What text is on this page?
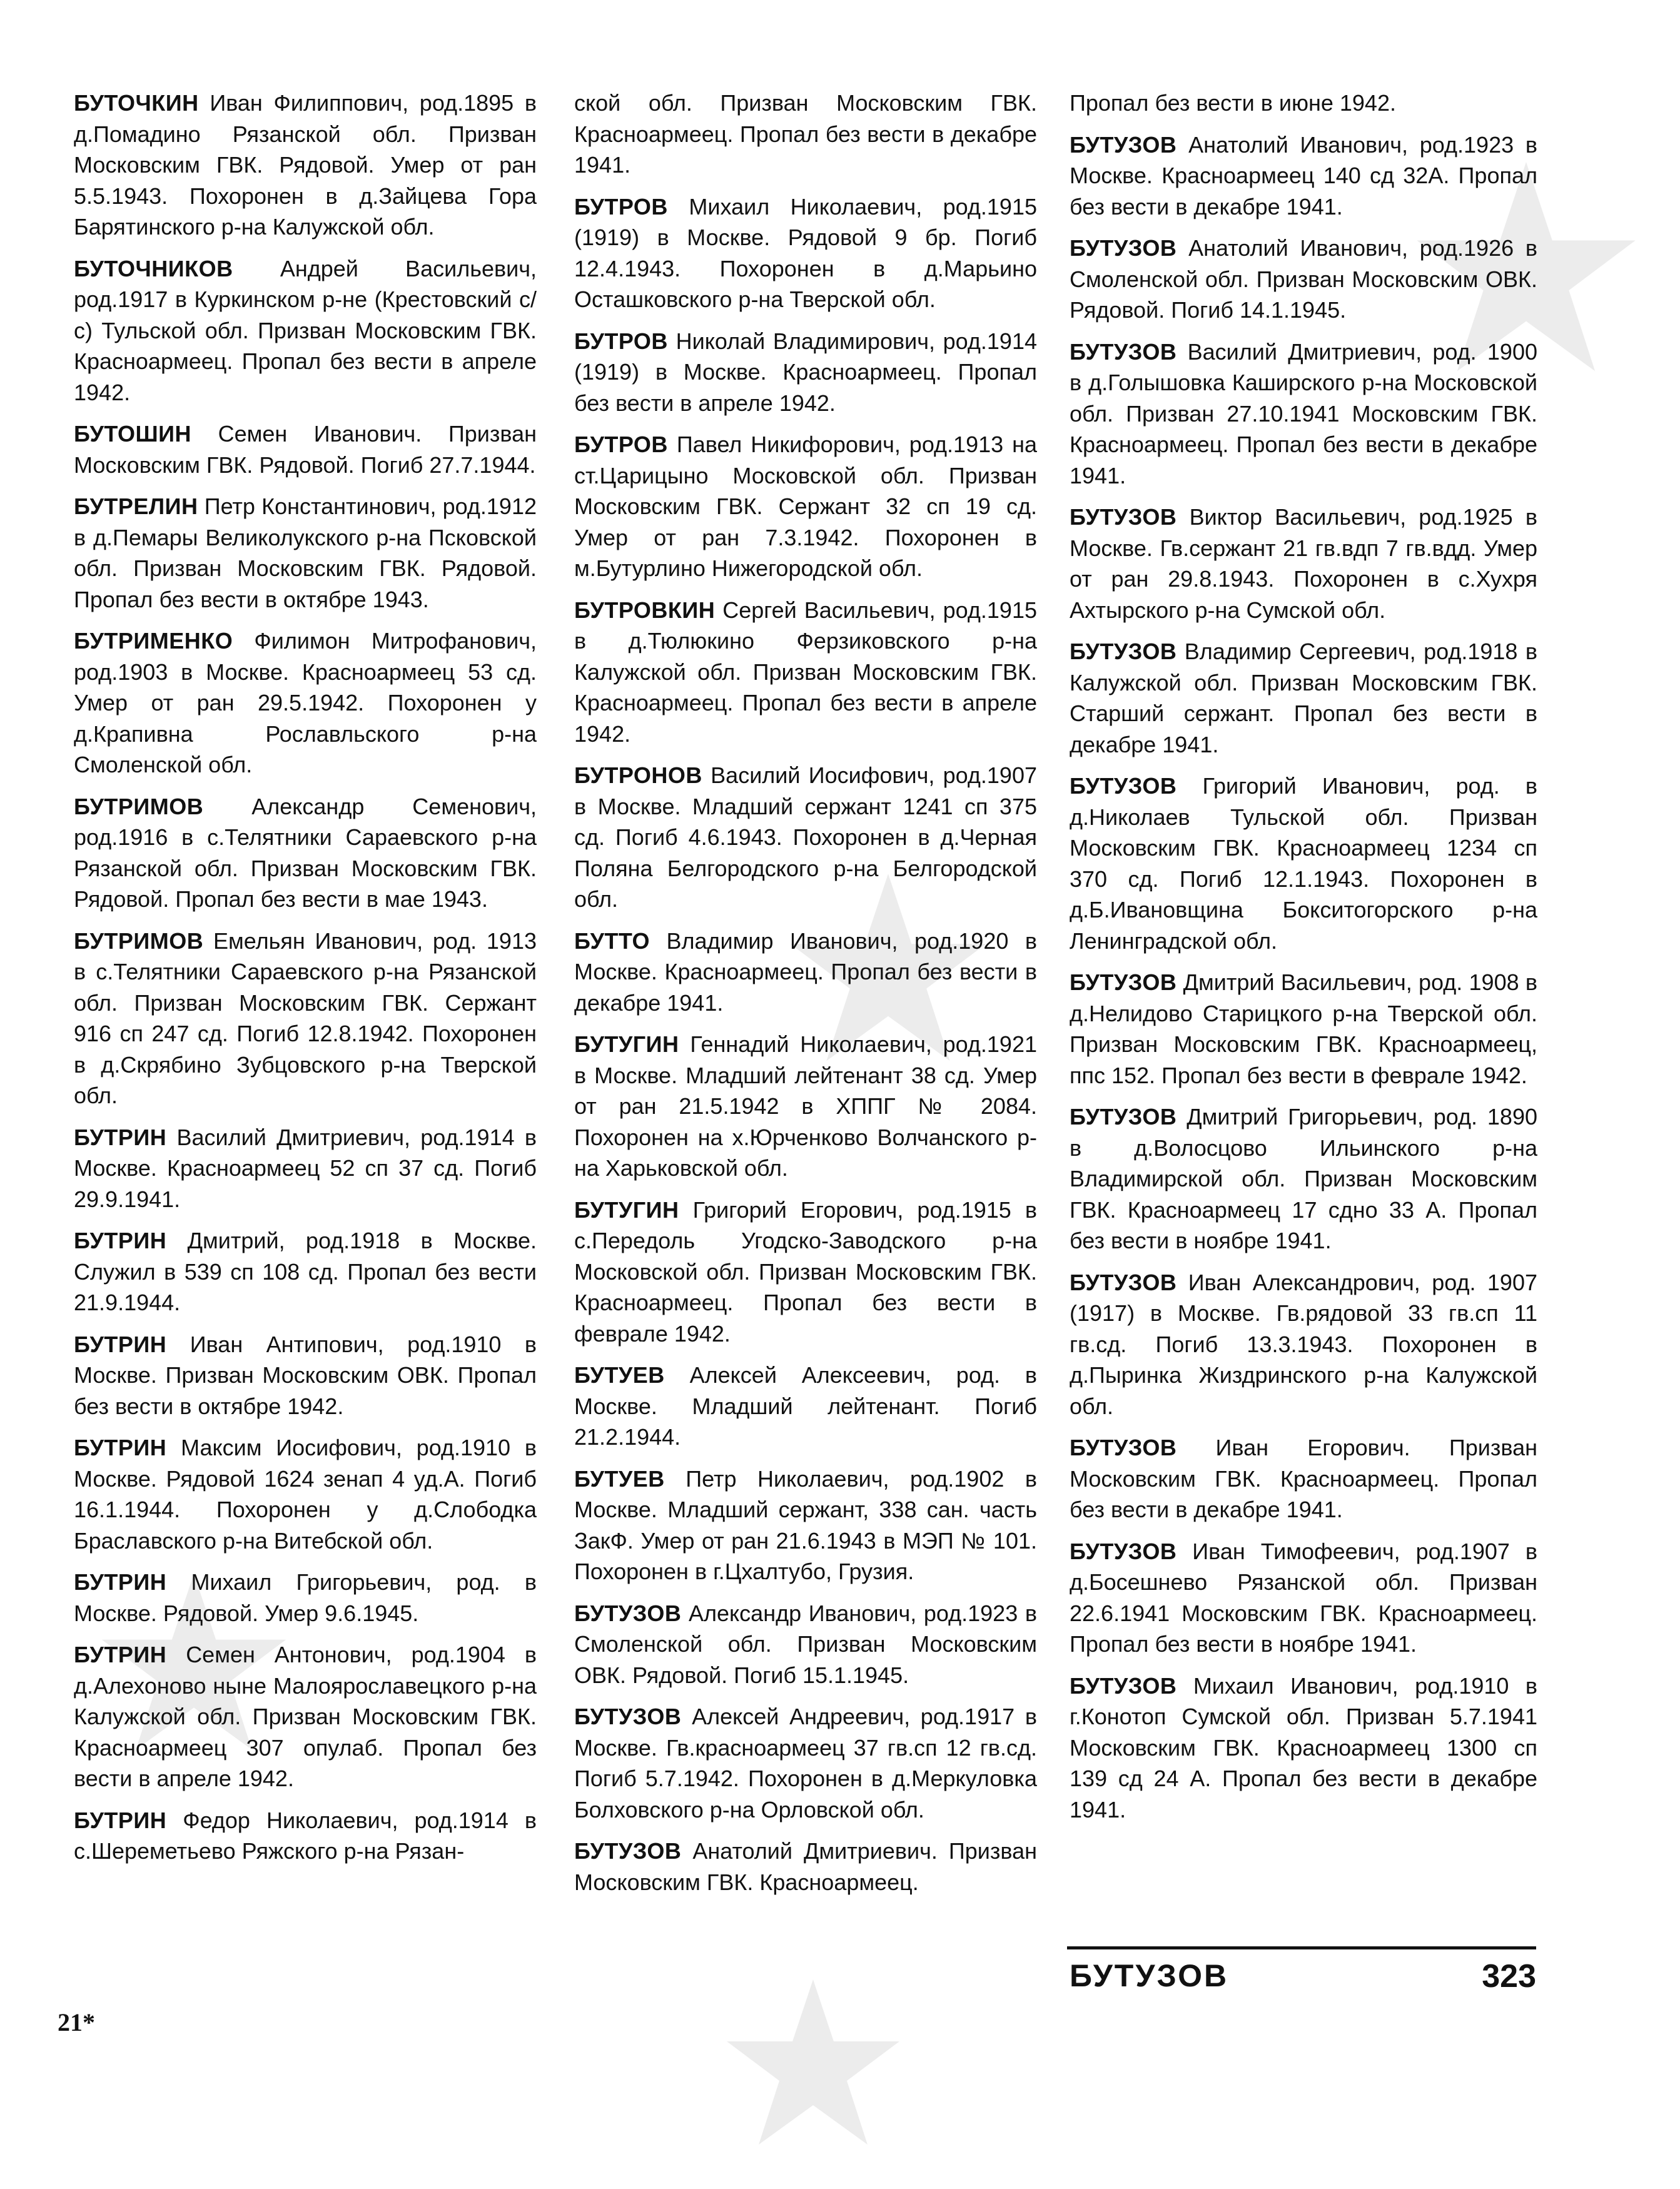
БУТОЧКИН Иван Филиппович, род.1895 в д.Помадино Рязанской обл. Призван Московским ГВК. Рядовой. Умер от ран 5.5.1943. Похоронен в д.Зайцева Гора Барятинского р-на Калужской обл.

БУТОЧНИКОВ Андрей Васильевич, род.1917 в Куркинском р-не (Крестовский с/с) Тульской обл. Призван Московским ГВК. Красноармеец. Пропал без вести в апреле 1942.

БУТОШИН Семен Иванович. Призван Московским ГВК. Рядовой. Погиб 27.7.1944.

БУТРЕЛИН Петр Константинович, род.1912 в д.Пемары Великолукского р-на Псковской обл. Призван Московским ГВК. Рядовой. Пропал без вести в октябре 1943.

БУТРИМЕНКО Филимон Митрофанович, род.1903 в Москве. Красноармеец 53 сд. Умер от ран 29.5.1942. Похоронен у д.Крапивна Рославльского р-на Смоленской обл.

БУТРИМОВ Александр Семенович, род.1916 в с.Телятники Сараевского р-на Рязанской обл. Призван Московским ГВК. Рядовой. Пропал без вести в мае 1943.

БУТРИМОВ Емельян Иванович, род. 1913 в с.Телятники Сараевского р-на Рязанской обл. Призван Московским ГВК. Сержант 916 сп 247 сд. Погиб 12.8.1942. Похоронен в д.Скрябино Зубцовского р-на Тверской обл.

БУТРИН Василий Дмитриевич, род.1914 в Москве. Красноармеец 52 сп 37 сд. Погиб 29.9.1941.

БУТРИН Дмитрий, род.1918 в Москве. Служил в 539 сп 108 сд. Пропал без вести 21.9.1944.

БУТРИН Иван Антипович, род.1910 в Москве. Призван Московским ОВК. Пропал без вести в октябре 1942.

БУТРИН Максим Иосифович, род.1910 в Москве. Рядовой 1624 зенап 4 уд.А. Погиб 16.1.1944. Похоронен у д.Слободка Браславского р-на Витебской обл.

БУТРИН Михаил Григорьевич, род. в Москве. Рядовой. Умер 9.6.1945.

БУТРИН Семен Антонович, род.1904 в д.Алехоново ныне Малоярославецкого р-на Калужской обл. Призван Московским ГВК. Красноармеец 307 опулаб. Пропал без вести в апреле 1942.

БУТРИН Федор Николаевич, род.1914 в с.Шереметьево Ряжского р-на Рязан-

ской обл. Призван Московским ГВК. Красноармеец. Пропал без вести в декабре 1941.

БУТРОВ Михаил Николаевич, род.1915 (1919) в Москве. Рядовой 9 бр. Погиб 12.4.1943. Похоронен в д.Марьино Осташковского р-на Тверской обл.

БУТРОВ Николай Владимирович, род.1914 (1919) в Москве. Красноармеец. Пропал без вести в апреле 1942.

БУТРОВ Павел Никифорович, род.1913 на ст.Царицыно Московской обл. Призван Московским ГВК. Сержант 32 сп 19 сд. Умер от ран 7.3.1942. Похоронен в м.Бутурлино Нижегородской обл.

БУТРОВКИН Сергей Васильевич, род.1915 в д.Тюлюкино Ферзиковского р-на Калужской обл. Призван Московским ГВК. Красноармеец. Пропал без вести в апреле 1942.

БУТРОНОВ Василий Иосифович, род.1907 в Москве. Младший сержант 1241 сп 375 сд. Погиб 4.6.1943. Похоронен в д.Черная Поляна Белгородского р-на Белгородской обл.

БУТТО Владимир Иванович, род.1920 в Москве. Красноармеец. Пропал без вести в декабре 1941.

БУТУГИН Геннадий Николаевич, род.1921 в Москве. Младший лейтенант 38 сд. Умер от ран 21.5.1942 в ХППГ № 2084. Похоронен на х.Юрченково Волчанского р-на Харьковской обл.

БУТУГИН Григорий Егорович, род.1915 в с.Передоль Угодско-Заводского р-на Московской обл. Призван Московским ГВК. Красноармеец. Пропал без вести в феврале 1942.

БУТУЕВ Алексей Алексеевич, род. в Москве. Младший лейтенант. Погиб 21.2.1944.

БУТУЕВ Петр Николаевич, род.1902 в Москве. Младший сержант, 338 сан. часть ЗакФ. Умер от ран 21.6.1943 в МЭП № 101. Похоронен в г.Цхалтубо, Грузия.

БУТУЗОВ Александр Иванович, род.1923 в Смоленской обл. Призван Московским ОВК. Рядовой. Погиб 15.1.1945.

БУТУЗОВ Алексей Андреевич, род.1917 в Москве. Гв.красноармеец 37 гв.сп 12 гв.сд. Погиб 5.7.1942. Похоронен в д.Меркуловка Болховского р-на Орловской обл.

БУТУЗОВ Анатолий Дмитриевич. Призван Московским ГВК. Красноармеец.

Пропал без вести в июне 1942.

БУТУЗОВ Анатолий Иванович, род.1923 в Москве. Красноармеец 140 сд 32А. Пропал без вести в декабре 1941.

БУТУЗОВ Анатолий Иванович, род.1926 в Смоленской обл. Призван Московским ОВК. Рядовой. Погиб 14.1.1945.

БУТУЗОВ Василий Дмитриевич, род. 1900 в д.Голышовка Каширского р-на Московской обл. Призван 27.10.1941 Московским ГВК. Красноармеец. Пропал без вести в декабре 1941.

БУТУЗОВ Виктор Васильевич, род.1925 в Москве. Гв.сержант 21 гв.вдп 7 гв.вдд. Умер от ран 29.8.1943. Похоронен в с.Хухря Ахтырского р-на Сумской обл.

БУТУЗОВ Владимир Сергеевич, род.1918 в Калужской обл. Призван Московским ГВК. Старший сержант. Пропал без вести в декабре 1941.

БУТУЗОВ Григорий Иванович, род. в д.Николаев Тульской обл. Призван Московским ГВК. Красноармеец 1234 сп 370 сд. Погиб 12.1.1943. Похоронен в д.Б.Ивановщина Бокситогорского р-на Ленинградской обл.

БУТУЗОВ Дмитрий Васильевич, род. 1908 в д.Нелидово Старицкого р-на Тверской обл. Призван Московским ГВК. Красноармеец, ппс 152. Пропал без вести в феврале 1942.

БУТУЗОВ Дмитрий Григорьевич, род. 1890 в д.Волосцово Ильинского р-на Владимирской обл. Призван Московским ГВК. Красноармеец 17 сдно 33 А. Пропал без вести в ноябре 1941.

БУТУЗОВ Иван Александрович, род. 1907 (1917) в Москве. Гв.рядовой 33 гв.сп 11 гв.сд. Погиб 13.3.1943. Похоронен в д.Пыринка Жиздринского р-на Калужской обл.

БУТУЗОВ Иван Егорович. Призван Московским ГВК. Красноармеец. Пропал без вести в декабре 1941.

БУТУЗОВ Иван Тимофеевич, род.1907 в д.Босешнево Рязанской обл. Призван 22.6.1941 Московским ГВК. Красноармеец. Пропал без вести в ноябре 1941.

БУТУЗОВ Михаил Иванович, род.1910 в г.Конотоп Сумской обл. Призван 5.7.1941 Московским ГВК. Красноармеец 1300 сп 139 сд 24 А. Пропал без вести в декабре 1941.

БУТУЗОВ	323
21*
